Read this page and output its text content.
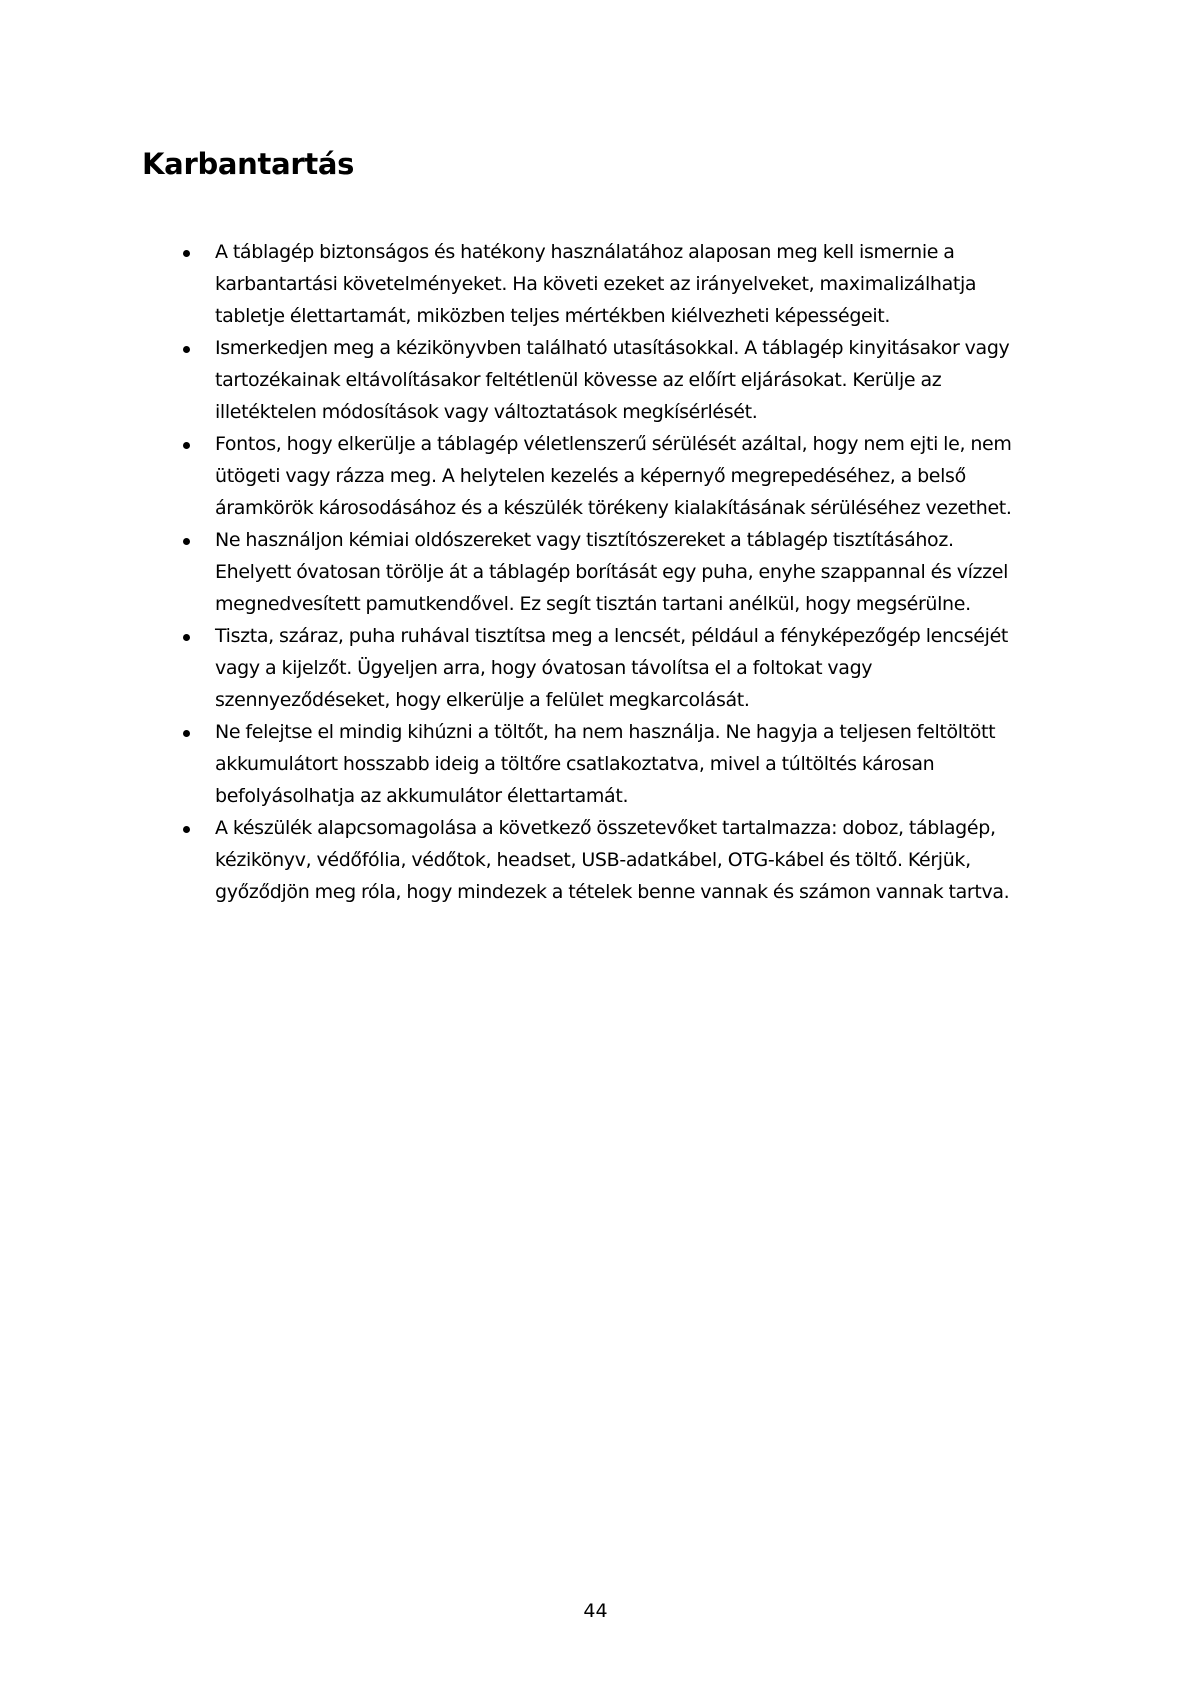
Karbantartás
A táblagép biztonságos és hatékony használatához alaposan meg kell ismernie a
karbantartási követelményeket. Ha követi ezeket az irányelveket, maximalizálhatja
tabletje élettartamát, miközben teljes mértékben kiélvezheti képességeit.
Ismerkedjen meg a kézikönyvben található utasításokkal. A táblagép kinyitásakor vagy
tartozékainak eltávolításakor feltétlenül kövesse az előírt eljárásokat. Kerülje az
illetéktelen módosítások vagy változtatások megkísérlését.
Fontos, hogy elkerülje a táblagép véletlenszerű sérülését azáltal, hogy nem ejti le, nem
ütögeti vagy rázza meg. A helytelen kezelés a képernyő megrepedéséhez, a belső
áramkörök károsodásához és a készülék törékeny kialakításának sérüléséhez vezethet.
Ne használjon kémiai oldószereket vagy tisztítószereket a táblagép tisztításához.
Ehelyett óvatosan törölje át a táblagép borítását egy puha, enyhe szappannal és vízzel
megnedvesített pamutkendővel. Ez segít tisztán tartani anélkül, hogy megsérülne.
Tiszta, száraz, puha ruhával tisztítsa meg a lencsét, például a fényképezőgép lencséjét
vagy a kijelzőt. Ügyeljen arra, hogy óvatosan távolítsa el a foltokat vagy
szennyeződéseket, hogy elkerülje a felület megkarcolását.
Ne felejtse el mindig kihúzni a töltőt, ha nem használja. Ne hagyja a teljesen feltöltött
akkumulátort hosszabb ideig a töltőre csatlakoztatva, mivel a túltöltés károsan
befolyásolhatja az akkumulátor élettartamát.
A készülék alapcsomagolása a következő összetevőket tartalmazza: doboz, táblagép,
kézikönyv, védőfólia, védőtok, headset, USB-adatkábel, OTG-kábel és töltő. Kérjük,
győződjön meg róla, hogy mindezek a tételek benne vannak és számon vannak tartva.
44
